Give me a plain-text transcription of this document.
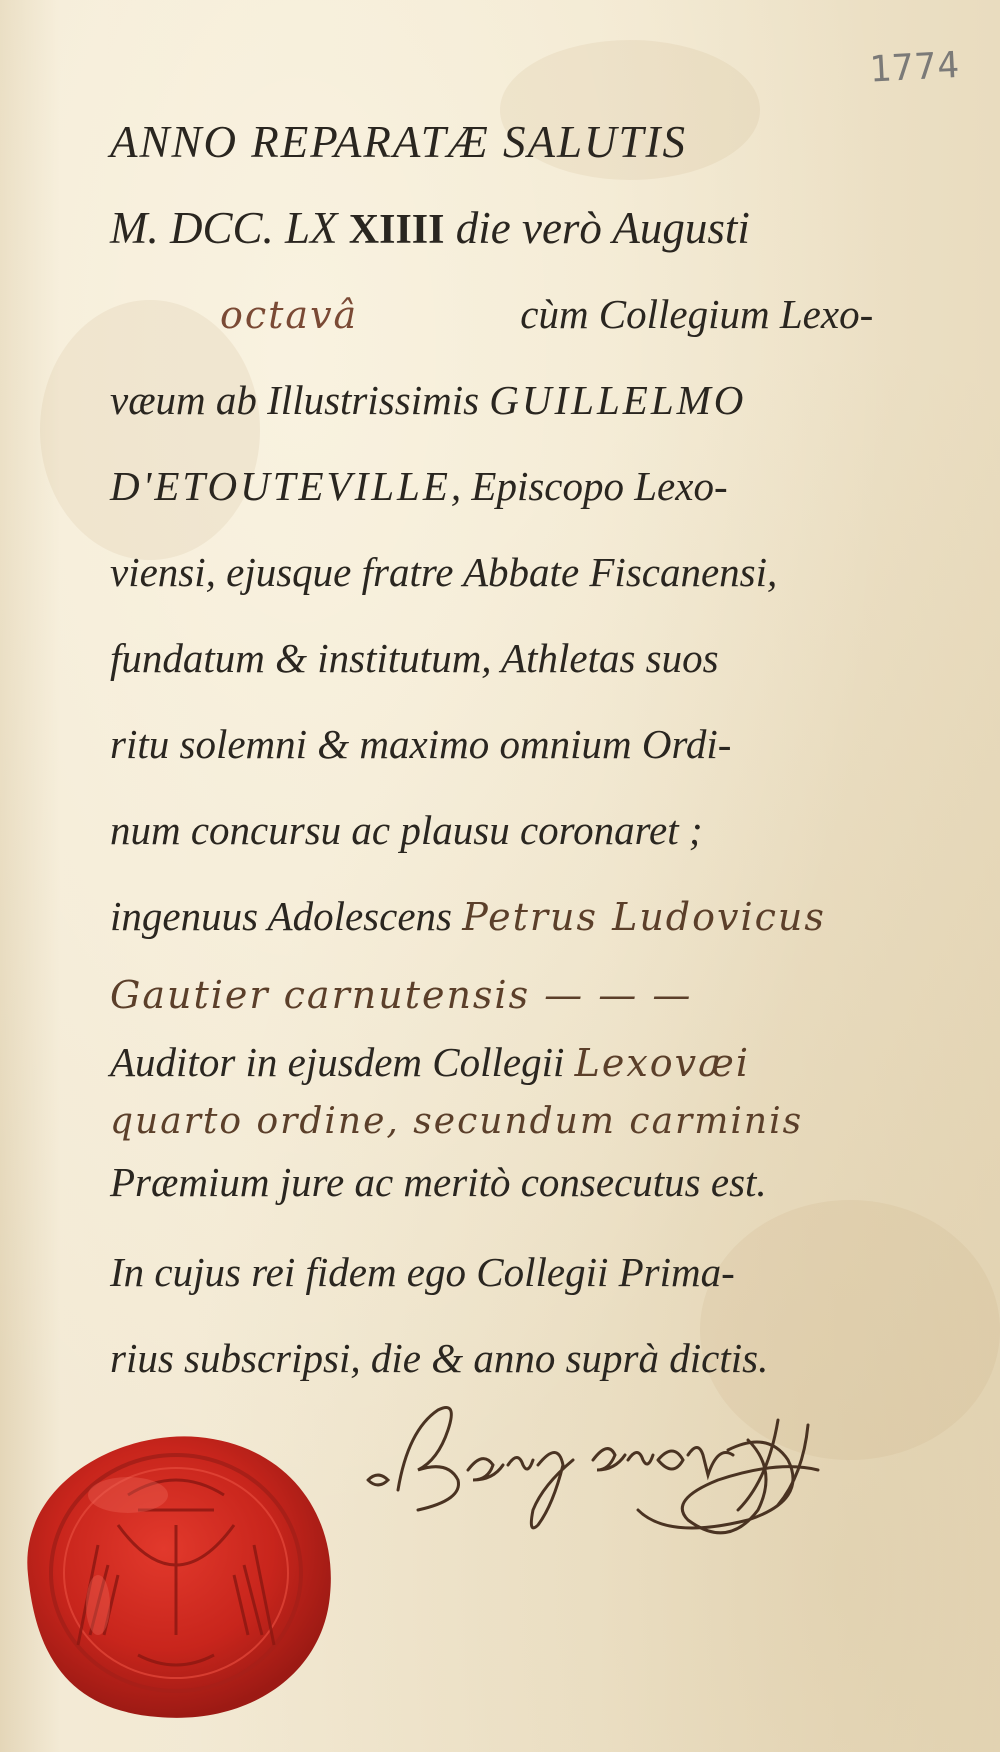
1774
ANNO REPARATÆ SALUTIS
M. DCC. LX XIIII die verò Augusti
octavâ	cùm Collegium Lexo-
væum ab Illustrissimis GUILLELMO
D'ETOUTEVILLE, Episcopo Lexo-
viensi, ejusque fratre Abbate Fiscanensi,
fundatum & institutum, Athletas suos
ritu solemni & maximo omnium Ordi-
num concursu ac plausu coronaret ;
ingenuus Adolescens Petrus Ludovicus
Gautier carnutensis — — —
Auditor in ejusdem Collegii Lexovæi
quarto ordine, secundum carminis
Præmium jure ac meritò consecutus est.
In cujus rei fidem ego Collegii Prima-
rius subscripsi, die & anno suprà dictis.
